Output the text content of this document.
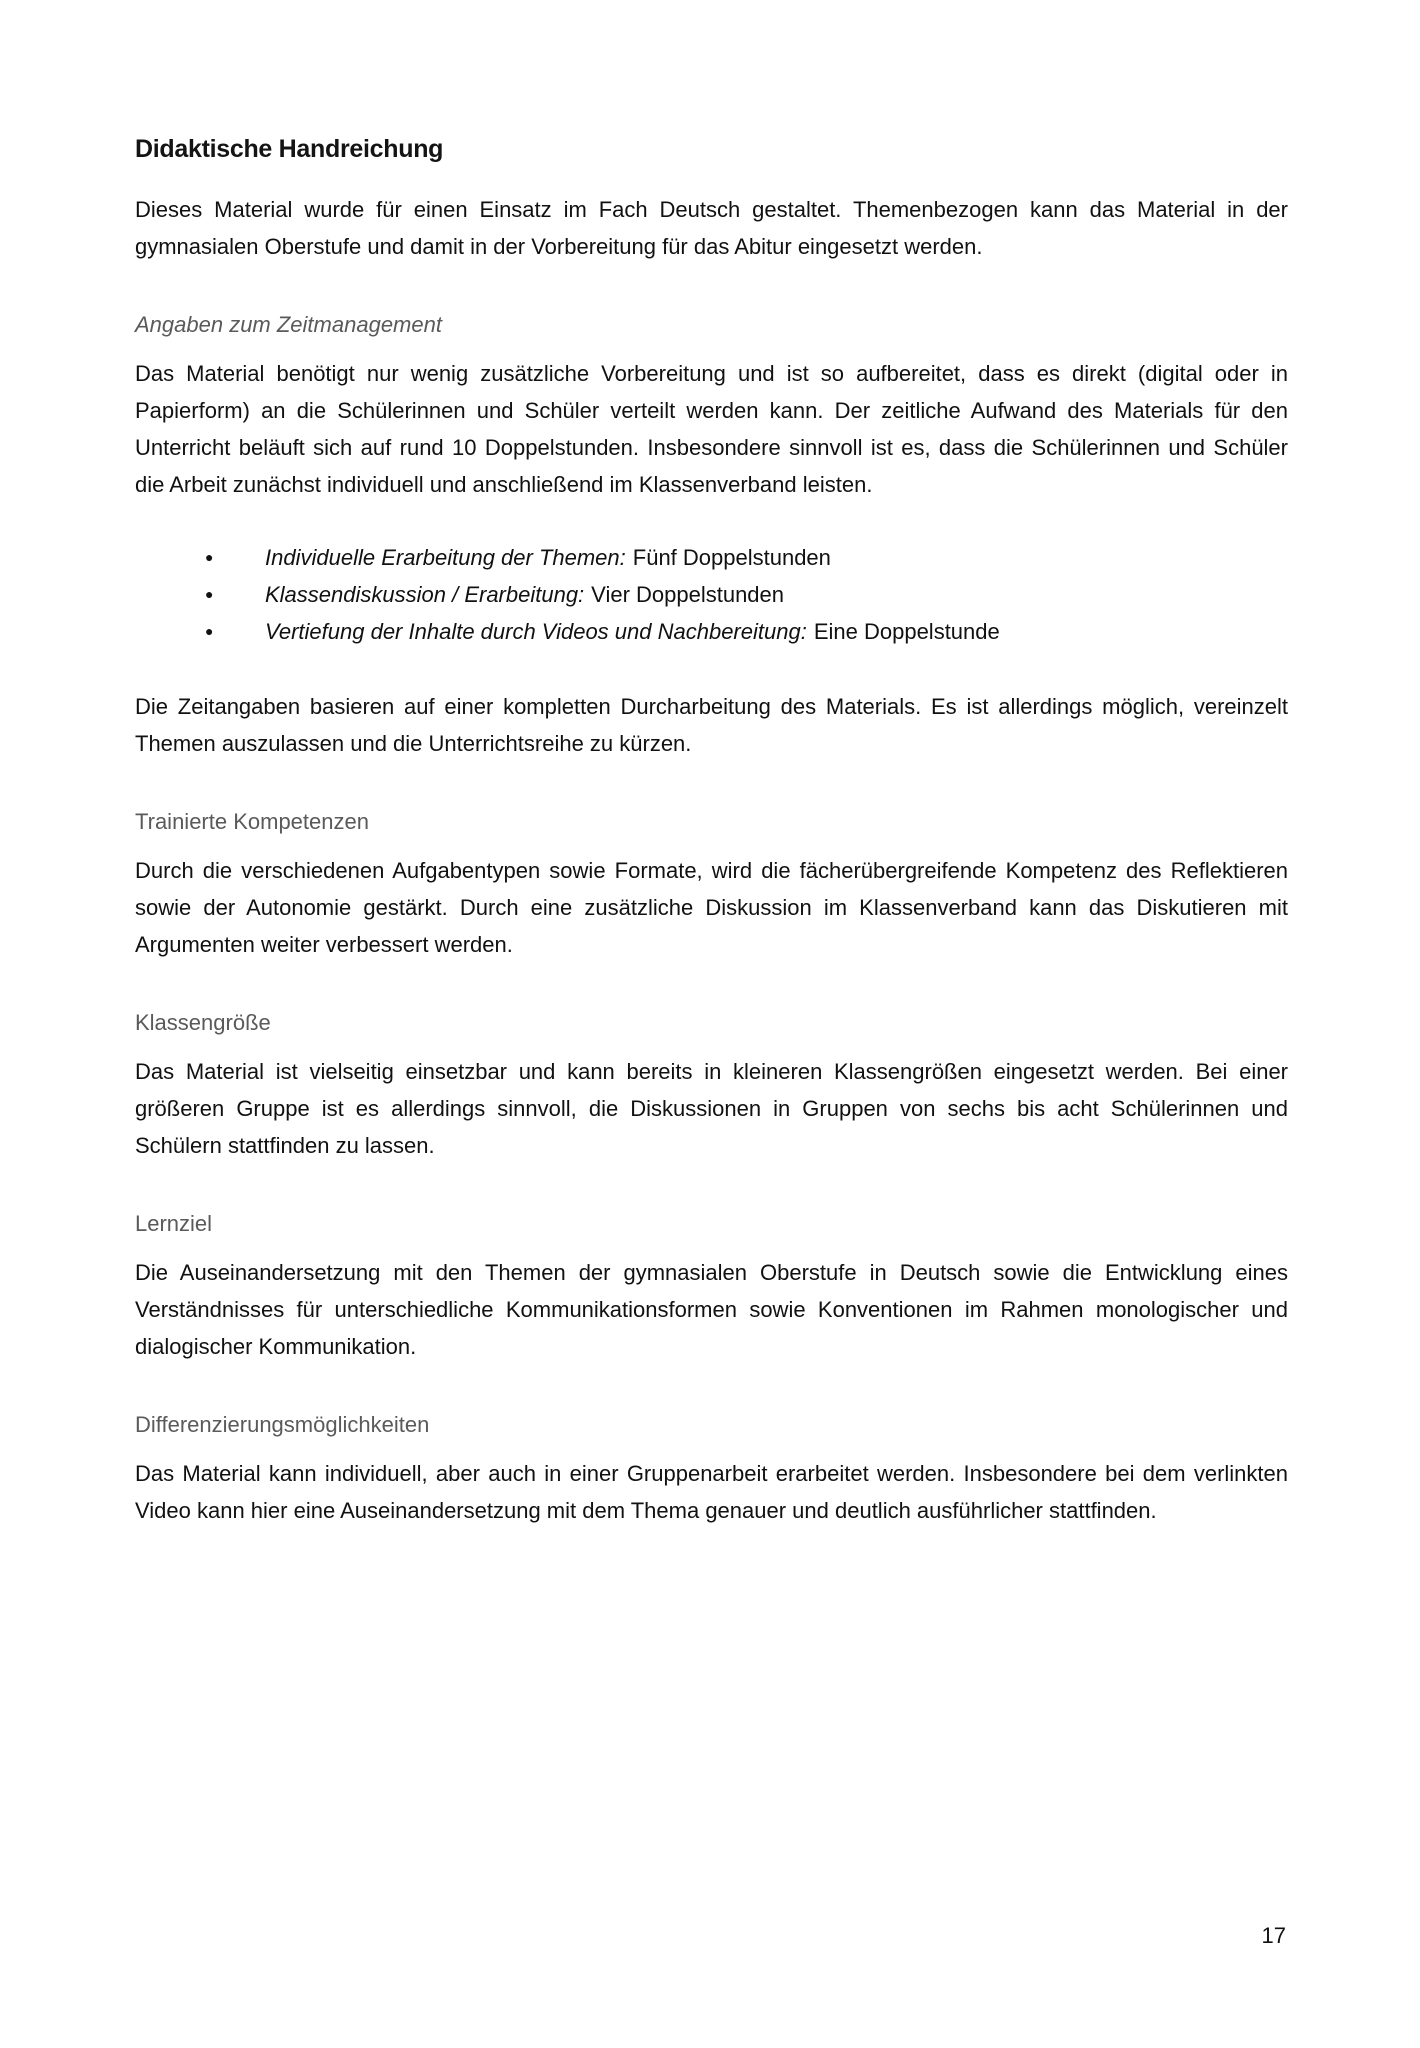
Didaktische Handreichung

Dieses Material wurde für einen Einsatz im Fach Deutsch gestaltet. Themenbezogen kann das Material in der gymnasialen Oberstufe und damit in der Vorbereitung für das Abitur eingesetzt werden.

Angaben zum Zeitmanagement

Das Material benötigt nur wenig zusätzliche Vorbereitung und ist so aufbereitet, dass es direkt (digital oder in Papierform) an die Schülerinnen und Schüler verteilt werden kann. Der zeitliche Aufwand des Materials für den Unterricht beläuft sich auf rund 10 Doppelstunden. Insbesondere sinnvoll ist es, dass die Schülerinnen und Schüler die Arbeit zunächst individuell und anschließend im Klassenverband leisten.

●	Individuelle Erarbeitung der Themen: Fünf Doppelstunden
●	Klassendiskussion / Erarbeitung: Vier Doppelstunden
●	Vertiefung der Inhalte durch Videos und Nachbereitung: Eine Doppelstunde

Die Zeitangaben basieren auf einer kompletten Durcharbeitung des Materials. Es ist allerdings möglich, vereinzelt Themen auszulassen und die Unterrichtsreihe zu kürzen.

Trainierte Kompetenzen

Durch die verschiedenen Aufgabentypen sowie Formate, wird die fächerübergreifende Kompetenz des Reflektieren sowie der Autonomie gestärkt. Durch eine zusätzliche Diskussion im Klassenverband kann das Diskutieren mit Argumenten weiter verbessert werden.

Klassengröße

Das Material ist vielseitig einsetzbar und kann bereits in kleineren Klassengrößen eingesetzt werden. Bei einer größeren Gruppe ist es allerdings sinnvoll, die Diskussionen in Gruppen von sechs bis acht Schülerinnen und Schülern stattfinden zu lassen.

Lernziel

Die Auseinandersetzung mit den Themen der gymnasialen Oberstufe in Deutsch sowie die Entwicklung eines Verständnisses für unterschiedliche Kommunikationsformen sowie Konventionen im Rahmen monologischer und dialogischer Kommunikation.

Differenzierungsmöglichkeiten

Das Material kann individuell, aber auch in einer Gruppenarbeit erarbeitet werden. Insbesondere bei dem verlinkten Video kann hier eine Auseinandersetzung mit dem Thema genauer und deutlich ausführlicher stattfinden.

17
